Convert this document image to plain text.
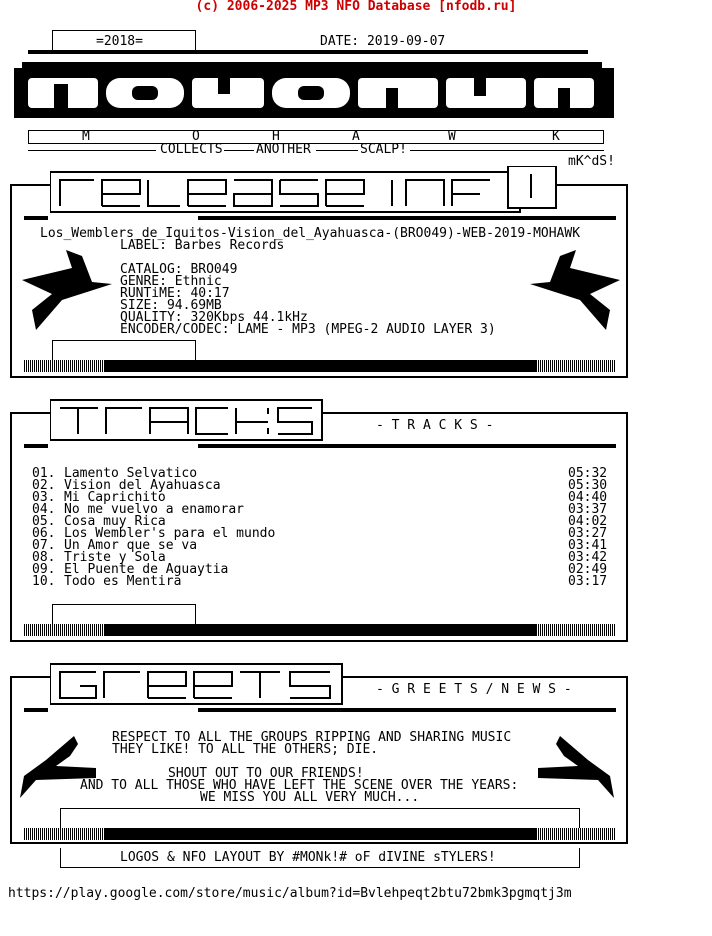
(c) 2006-2025 MP3 NFO Database [nfodb.ru]
=2018=	DATE: 2019-09-07
M	O	H	A	W	K
COLLECTS	ANOTHER	SCALP!
mK^dS!
Los_Wemblers_de_Iquitos-Vision_del_Ayahuasca-(BRO049)-WEB-2019-MOHAWK
LABEL: Barbes Records
CATALOG: BRO049
GENRE: Ethnic
RUNTiME: 40:17
SIZE: 94.69MB
QUALITY: 320Kbps 44.1kHz
ENCODER/CODEC: LAME - MP3 (MPEG-2 AUDIO LAYER 3)
- T R A C K S -
01. Lamento Selvatico	05:32
02. Vision del Ayahuasca	05:30
03. Mi Caprichito	04:40
04. No me vuelvo a enamorar	03:37
05. Cosa muy Rica	04:02
06. Los Wembler's para el mundo	03:27
07. Un Amor que se va	03:41
08. Triste y Sola	03:42
09. El Puente de Aguaytia	02:49
10. Todo es Mentira	03:17
- G R E E T S / N E W S -
RESPECT TO ALL THE GROUPS RIPPING AND SHARING MUSIC
THEY LIKE! TO ALL THE OTHERS; DIE.
SHOUT OUT TO OUR FRIENDS!
AND TO ALL THOSE WHO HAVE LEFT THE SCENE OVER THE YEARS:
WE MISS YOU ALL VERY MUCH...
LOGOS & NFO LAYOUT BY #MONk!# oF dIVINE sTYLERS!
https://play.google.com/store/music/album?id=Bvlehpeqt2btu72bmk3pgmqtj3m
